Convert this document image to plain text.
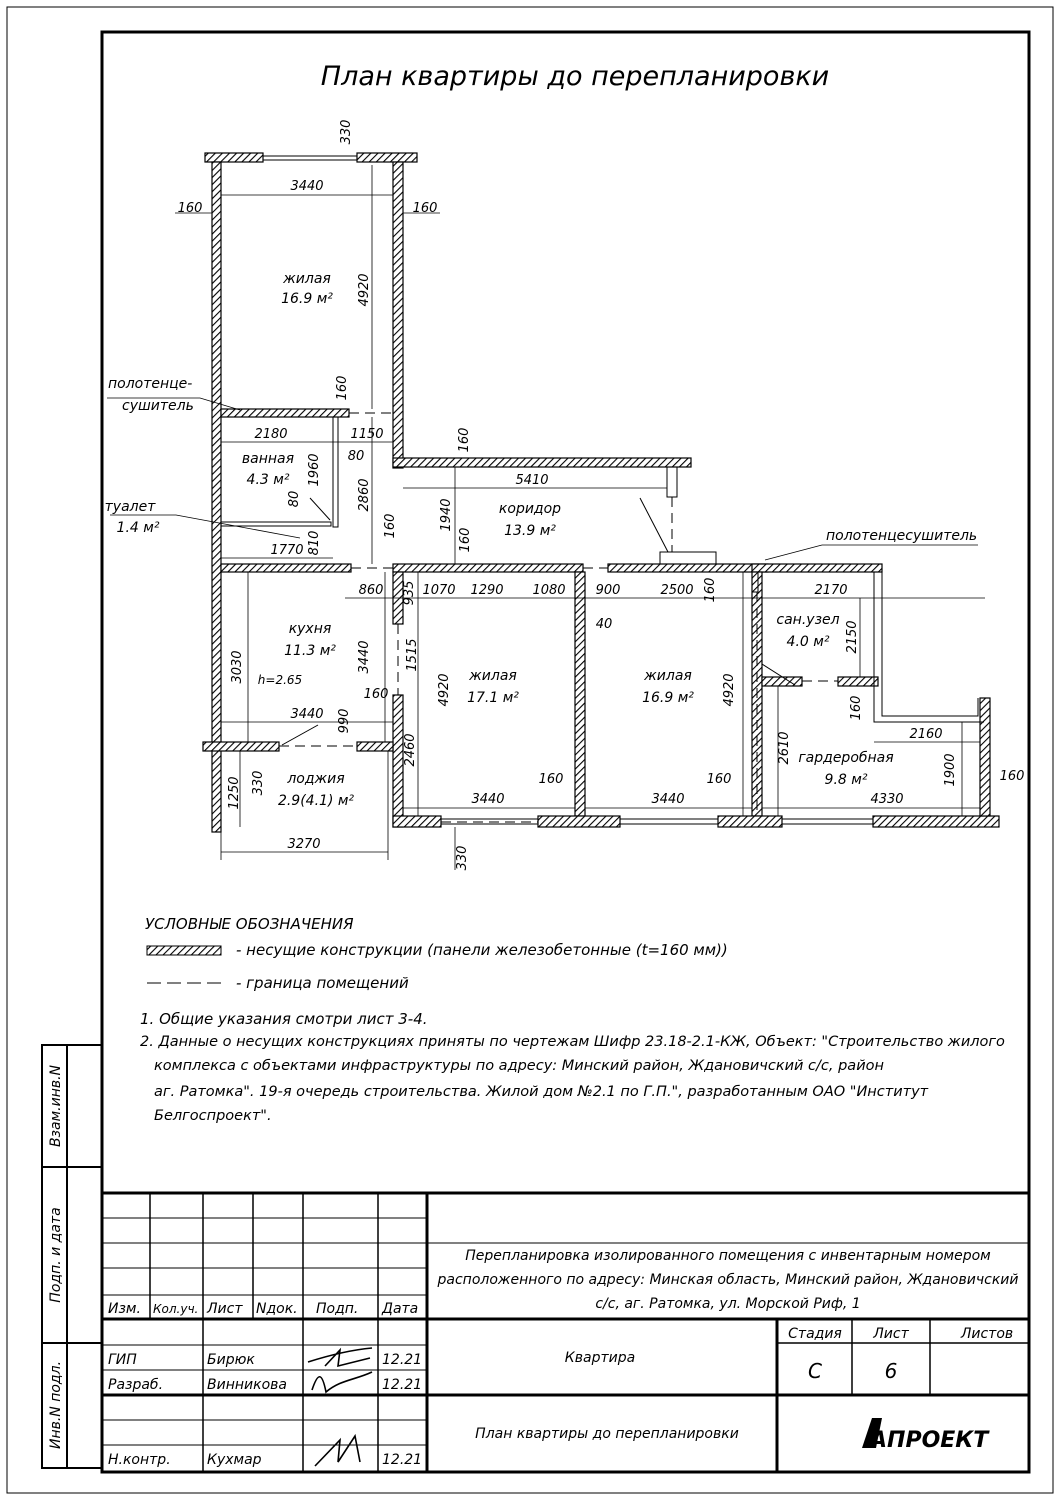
План квартиры до перепланировки
жилая
16.9 м²
ванная
4.3 м²
туалет
1.4 м²
коридор
13.9 м²
кухня
11.3 м²
h=2.65
лоджия
2.9(4.1) м²
жилая
17.1 м²
жилая
16.9 м²
сан.узел
4.0 м²
гардеробная
9.8 м²
полотенце-
сушитель
полотенцесушитель
330
3440
160	160
4920
160
2180	1150
80
160
1960
80	2860	5410
1940
1770 810
160
160
860 935 1070 1290 1080 900	2500 160	2170
40	2150
1515
3440
3030
160	4920	4920
160
2160
3440 990
2460	2610
1900	160
1250 330
3440
160
3440
160
4330
3270
330
Взам.инв.N
Подп. и дата
Инв.N подл.
Изм. Кол.уч. Лист Nдок. Подп. Дата
ГИП	Бирюк	12.21
Разраб.	Винникова	12.21
Н.контр.	Кухмар	12.21
Перепланировка изолированного помещения с инвентарным номером
расположенного по адресу: Минская область, Минский район, Ждановичский
с/с, аг. Ратомка, ул. Морской Риф, 1
Квартира
План квартиры до перепланировки
Стадия Лист	Листов
С	6
АПРОЕКТ
УСЛОВНЫЕ ОБОЗНАЧЕНИЯ
- несущие конструкции (панели железобетонные (t=160 мм))
- граница помещений
1. Общие указания смотри лист 3-4.
2. Данные о несущих конструкциях приняты по чертежам Шифр 23.18-2.1-КЖ, Объект: "Строительство жилого
комплекса с объектами инфраструктуры по адресу: Минский район, Ждановичский с/с, район
аг. Ратомка". 19-я очередь строительства. Жилой дом №2.1 по Г.П.", разработанным ОАО "Институт
Белгоспроект".
